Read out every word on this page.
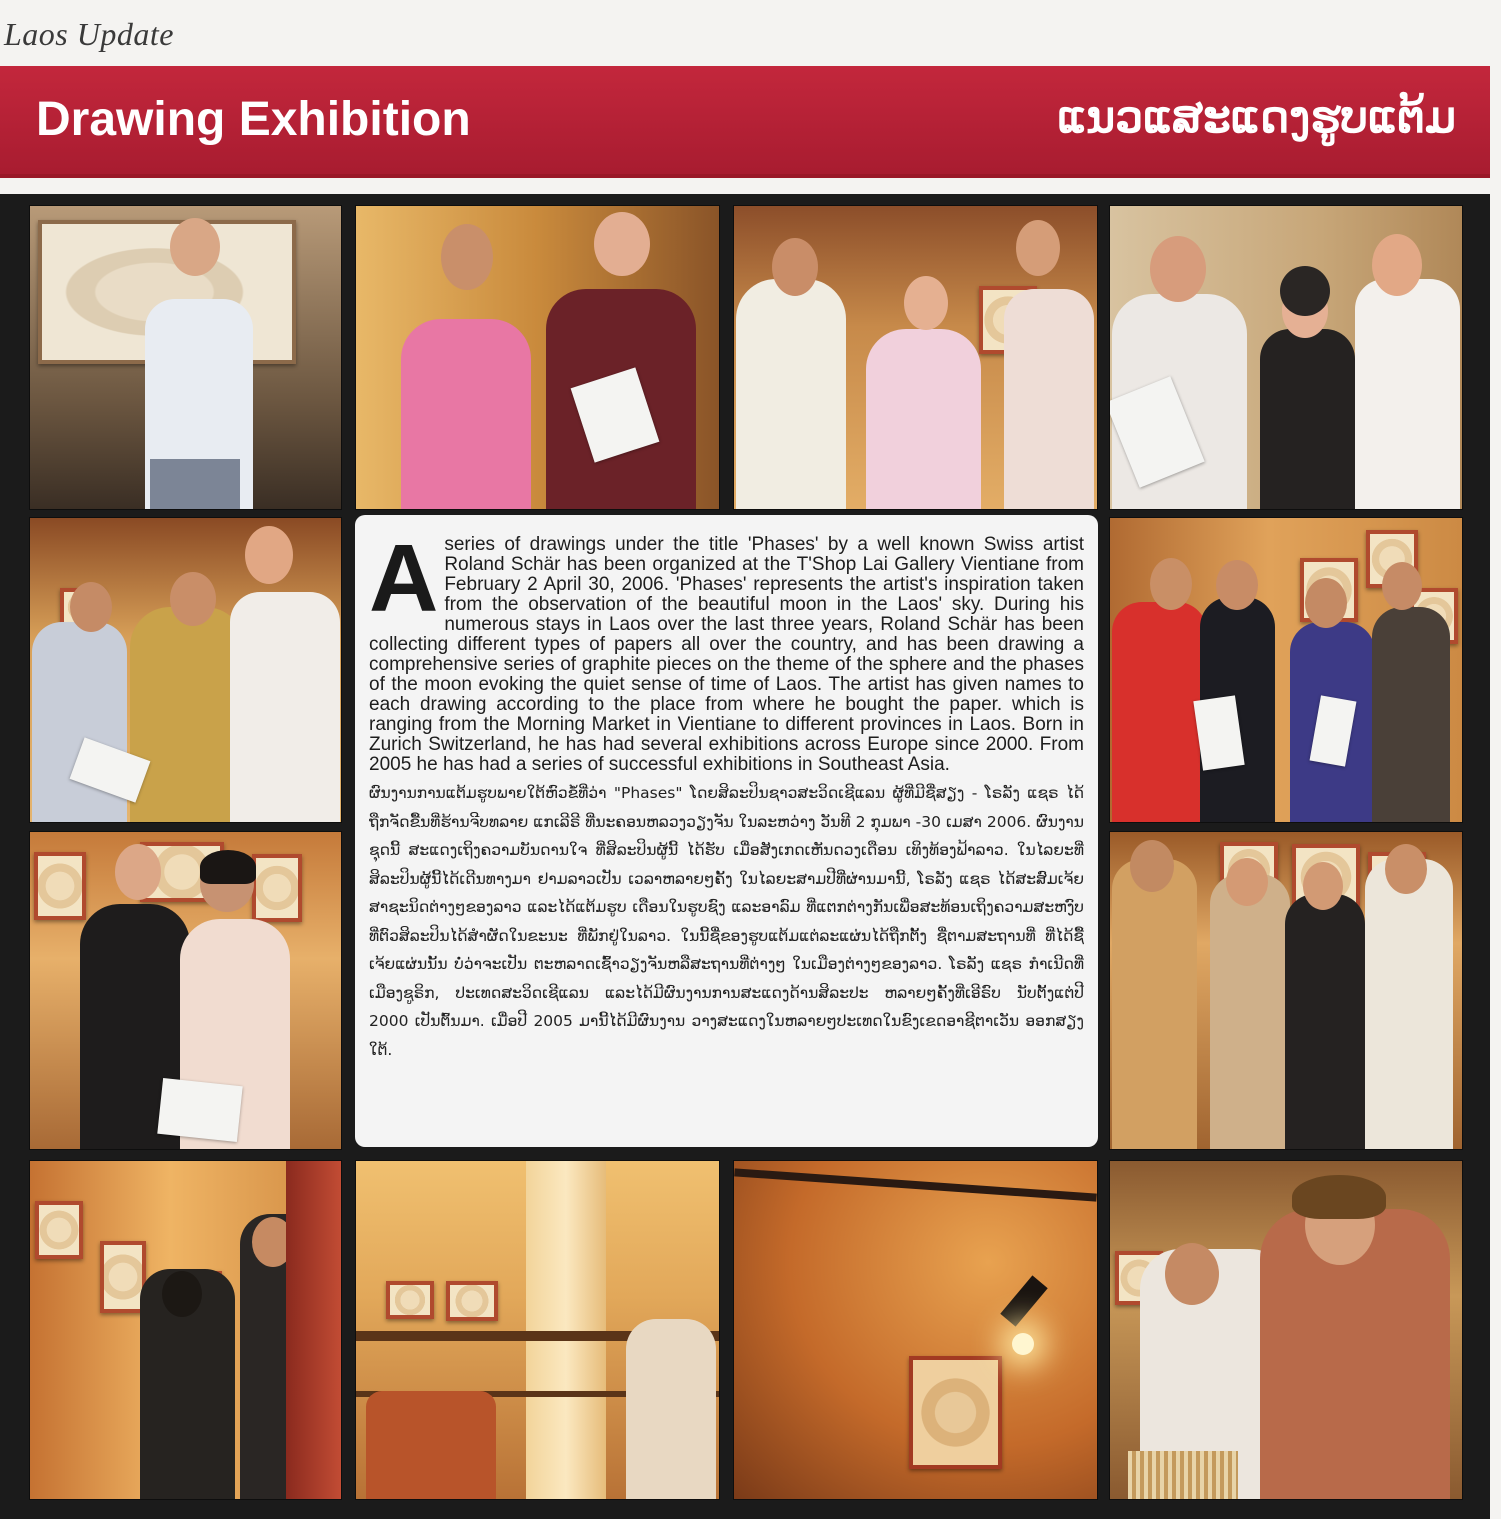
Laos Update
Drawing Exhibition	ແນວແສະແດງຮູບແຕ້ມ
A series of drawings under the title 'Phases' by a well known Swiss artist Roland Schär has been organized at the T'Shop Lai Gallery Vientiane from February 2 April 30, 2006. 'Phases' represents the artist's inspiration taken from the observation of the beautiful moon in the Laos' sky. During his numerous stays in Laos over the last three years, Roland Schär has been collecting different types of papers all over the country, and has been drawing a comprehensive series of graphite pieces on the theme of the sphere and the phases of the moon evoking the quiet sense of time of Laos. The artist has given names to each drawing according to the place from where he bought the paper. which is ranging from the Morning Market in Vientiane to different provinces in Laos. Born in Zurich Switzerland, he has had several exhibitions across Europe since 2000. From 2005 he has had a series of successful exhibitions in Southeast Asia.

ຜົນງານການແຕ້ມຮູບພາຍໃຕ້ຫົວຂໍ້ທີ່ວ່າ "Phases" ໂດຍສິລະປິນຊາວສະວິດເຊີແລນ ຜູ້ທີ່ມີຊື່ສຽງ - ໂຣລັງ ແຊຣ ໄດ້ຖືກຈັດຂື້ນທີ່ຮ້ານຈີບທລາຍ ແກເລີຣີ ທີ່ນະຄອນຫລວງວຽງຈັນ ໃນລະຫວ່າງ ວັນທີ 2 ກຸມພາ -30 ເມສາ 2006. ຜົນງານຊຸດນີ້ ສະແດງເຖິງຄວາມບັນດານໃຈ ທີ່ສິລະປິນຜູ້ນີ້ ໄດ້ຮັບ ເມື່ອສັງເກດເຫັນດວງເດືອນ ເທິງທ້ອງຟ້າລາວ. ໃນໄລຍະທີ່ສິລະປິນຜູ້ນີ້ໄດ້ເດີນທາງມາ ຢາມລາວເປັນ ເວລາຫລາຍໆຄັ້ງ ໃນໄລຍະສາມປີທີ່ຜ່ານມານີ້, ໂຣລັງ ແຊຣ ໄດ້ສະສົມເຈ້ຍສາຊະນິດຕ່າງໆຂອງລາວ ແລະໄດ້ແຕ້ມຮູບ ເດືອນໃນຮູບຊົງ ແລະອາລົມ ທີ່ແຕກຕ່າງກັນເພື່ອສະທ້ອນເຖິງຄວາມສະຫງົບ ທີ່ຕົວສິລະປິນໄດ້ສຳຜັດໃນຂະນະ ທີ່ພັກຢູ່ໃນລາວ. ໃນນີ້ຊື່ຂອງຮູບແຕ້ມແຕ່ລະແຜ່ນໄດ້ຖືກຕັ້ງ ຊື່ຕາມສະຖານທີ່ ທີ່ໄດ້ຊື້ເຈ້ຍແຜ່ນນັ້ນ ບໍ່ວ່າຈະເປັນ ຕະຫລາດເຊົ້າວຽງຈັນຫລືສະຖານທີ່ຕ່າງໆ ໃນເມືອງຕ່າງໆຂອງລາວ. ໂຣລັງ ແຊຣ ກຳເນີດທີ່ເມືອງຊູຣິກ, ປະເທດສະວິດເຊີແລນ ແລະໄດ້ມີຜົນງານການສະແດງດ້ານສິລະປະ ຫລາຍໆຄັ້ງທີ່ເອີຣົບ ນັບຕັ້ງແຕ່ປີ 2000 ເປັນຕົ້ນມາ. ເມື່ອປີ 2005 ມານີ້ໄດ້ມີຜົນງານ ວາງສະແດງໃນຫລາຍໆປະເທດໃນຂົງເຂດອາຊີຕາເວັນ ອອກສຽງໃຕ້.
